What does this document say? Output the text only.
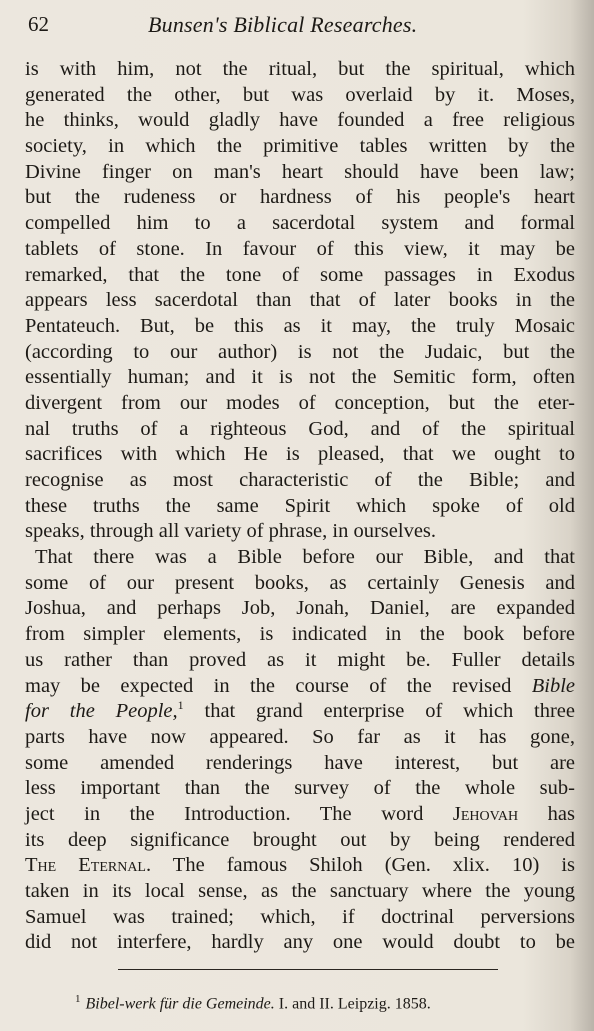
62	Bunsen's Biblical Researches.
is with him, not the ritual, but the spiritual, which
generated the other, but was overlaid by it. Moses,
he thinks, would gladly have founded a free religious
society, in which the primitive tables written by the
Divine finger on man's heart should have been law;
but the rudeness or hardness of his people's heart
compelled him to a sacerdotal system and formal
tablets of stone. In favour of this view, it may be
remarked, that the tone of some passages in Exodus
appears less sacerdotal than that of later books in the
Pentateuch. But, be this as it may, the truly Mosaic
(according to our author) is not the Judaic, but the
essentially human; and it is not the Semitic form, often
divergent from our modes of conception, but the eter-
nal truths of a righteous God, and of the spiritual
sacrifices with which He is pleased, that we ought to
recognise as most characteristic of the Bible; and
these truths the same Spirit which spoke of old
speaks, through all variety of phrase, in ourselves.
That there was a Bible before our Bible, and that
some of our present books, as certainly Genesis and
Joshua, and perhaps Job, Jonah, Daniel, are expanded
from simpler elements, is indicated in the book before
us rather than proved as it might be. Fuller details
may be expected in the course of the revised Bible
for the People,$^1$ that grand enterprise of which three
parts have now appeared. So far as it has gone,
some amended renderings have interest, but are
less important than the survey of the whole sub-
ject in the Introduction. The word Jehovah has
its deep significance brought out by being rendered
The Eternal. The famous Shiloh (Gen. xlix. 10) is
taken in its local sense, as the sanctuary where the young
Samuel was trained; which, if doctrinal perversions
did not interfere, hardly any one would doubt to be
$^1$ Bibel-werk für die Gemeinde. I. and II. Leipzig. 1858.
